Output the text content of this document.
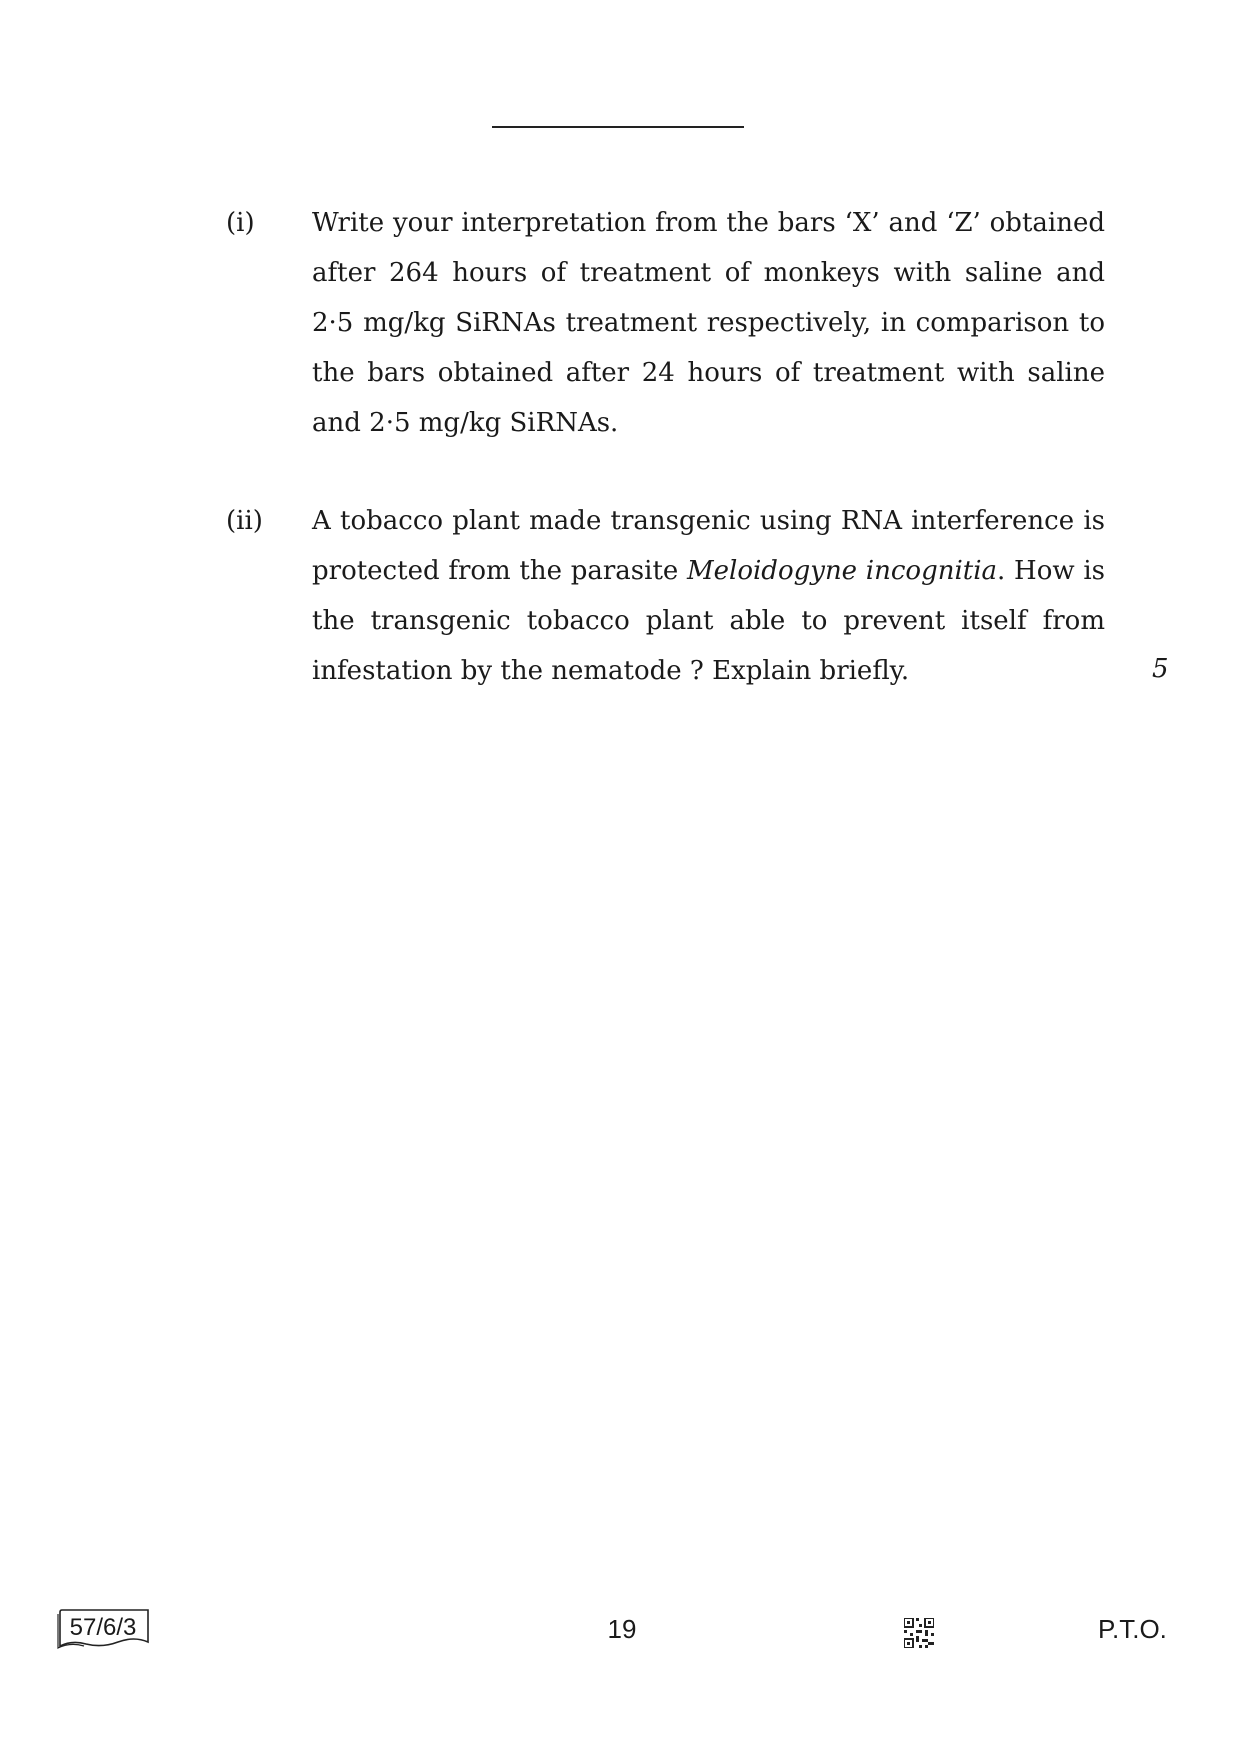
(i) Write your interpretation from the bars ‘X’ and ‘Z’ obtained after 264 hours of treatment of monkeys with saline and 2·5 mg/kg SiRNAs treatment respectively, in comparison to the bars obtained after 24 hours of treatment with saline and 2·5 mg/kg SiRNAs.
(ii) A tobacco plant made transgenic using RNA interference is protected from the parasite Meloidogyne incognitia. How is the transgenic tobacco plant able to prevent itself from infestation by the nematode ? Explain briefly.	5
57/6/3	19	P.T.O.
